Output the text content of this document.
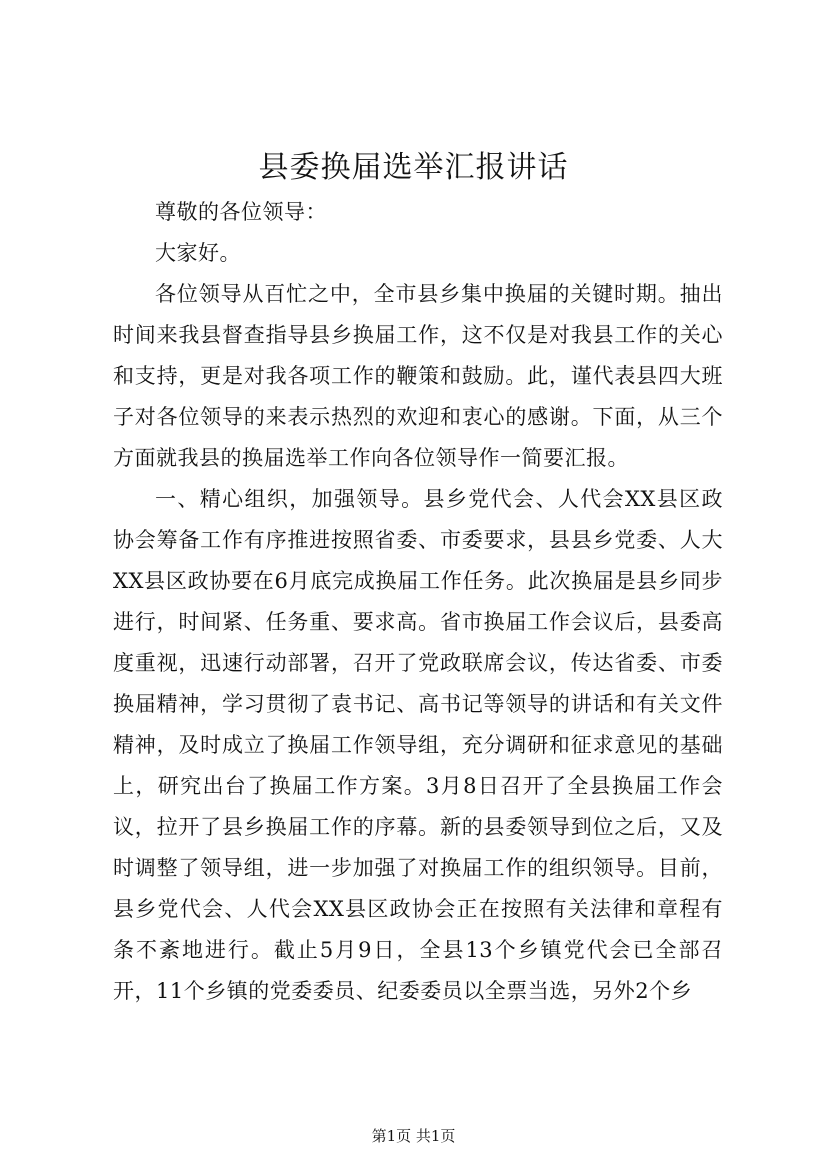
县委换届选举汇报讲话

尊敬的各位领导：

大家好。

各位领导从百忙之中，全市县乡集中换届的关键时期。抽出时间来我县督查指导县乡换届工作，这不仅是对我县工作的关心和支持，更是对我各项工作的鞭策和鼓励。此，谨代表县四大班子对各位领导的来表示热烈的欢迎和衷心的感谢。下面，从三个方面就我县的换届选举工作向各位领导作一简要汇报。

一、精心组织，加强领导。县乡党代会、人代会XX县区政协会筹备工作有序推进按照省委、市委要求，县县乡党委、人大XX县区政协要在6月底完成换届工作任务。此次换届是县乡同步进行，时间紧、任务重、要求高。省市换届工作会议后，县委高度重视，迅速行动部署，召开了党政联席会议，传达省委、市委换届精神，学习贯彻了袁书记、高书记等领导的讲话和有关文件精神，及时成立了换届工作领导组，充分调研和征求意见的基础上，研究出台了换届工作方案。3月8日召开了全县换届工作会议，拉开了县乡换届工作的序幕。新的县委领导到位之后，又及时调整了领导组，进一步加强了对换届工作的组织领导。目前，县乡党代会、人代会XX县区政协会正在按照有关法律和章程有条不紊地进行。截止5月9日，全县13个乡镇党代会已全部召开，11个乡镇的党委委员、纪委委员以全票当选，另外2个乡

第1页 共1页
